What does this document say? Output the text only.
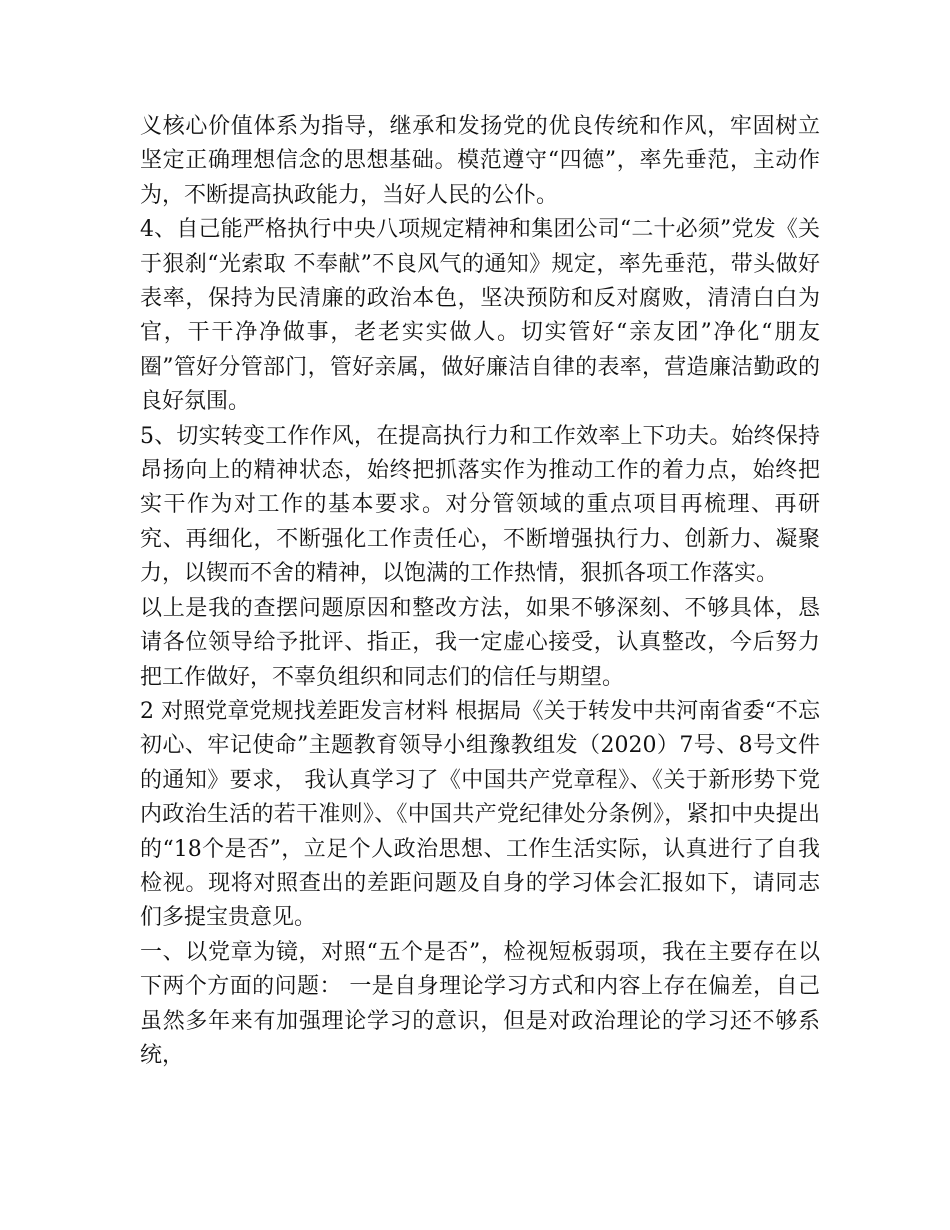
义核心价值体系为指导，继承和发扬党的优良传统和作风，牢固树立坚定正确理想信念的思想基础。模范遵守“四德”，率先垂范，主动作为，不断提高执政能力，当好人民的公仆。

4、自己能严格执行中央八项规定精神和集团公司“二十必须”党发《关于狠刹“光索取 不奉献”不良风气的通知》规定，率先垂范，带头做好表率，保持为民清廉的政治本色，坚决预防和反对腐败，清清白白为官，干干净净做事，老老实实做人。切实管好“亲友团”净化“朋友圈”管好分管部门，管好亲属，做好廉洁自律的表率，营造廉洁勤政的良好氛围。

5、切实转变工作作风，在提高执行力和工作效率上下功夫。始终保持昂扬向上的精神状态，始终把抓落实作为推动工作的着力点，始终把实干作为对工作的基本要求。对分管领域的重点项目再梳理、再研究、再细化，不断强化工作责任心，不断增强执行力、创新力、凝聚力，以锲而不舍的精神，以饱满的工作热情，狠抓各项工作落实。

以上是我的查摆问题原因和整改方法，如果不够深刻、不够具体，恳请各位领导给予批评、指正，我一定虚心接受，认真整改，今后努力把工作做好，不辜负组织和同志们的信任与期望。

2 对照党章党规找差距发言材料 根据局《关于转发中共河南省委“不忘初心、牢记使命”主题教育领导小组豫教组发（2020）7号、8号文件的通知》要求， 我认真学习了《中国共产党章程》、《关于新形势下党内政治生活的若干准则》、《中国共产党纪律处分条例》，紧扣中央提出的“18个是否”，立足个人政治思想、工作生活实际，认真进行了自我检视。现将对照查出的差距问题及自身的学习体会汇报如下，请同志们多提宝贵意见。

一、以党章为镜，对照“五个是否”，检视短板弱项，我在主要存在以下两个方面的问题： 一是自身理论学习方式和内容上存在偏差，自己虽然多年来有加强理论学习的意识，但是对政治理论的学习还不够系统，
